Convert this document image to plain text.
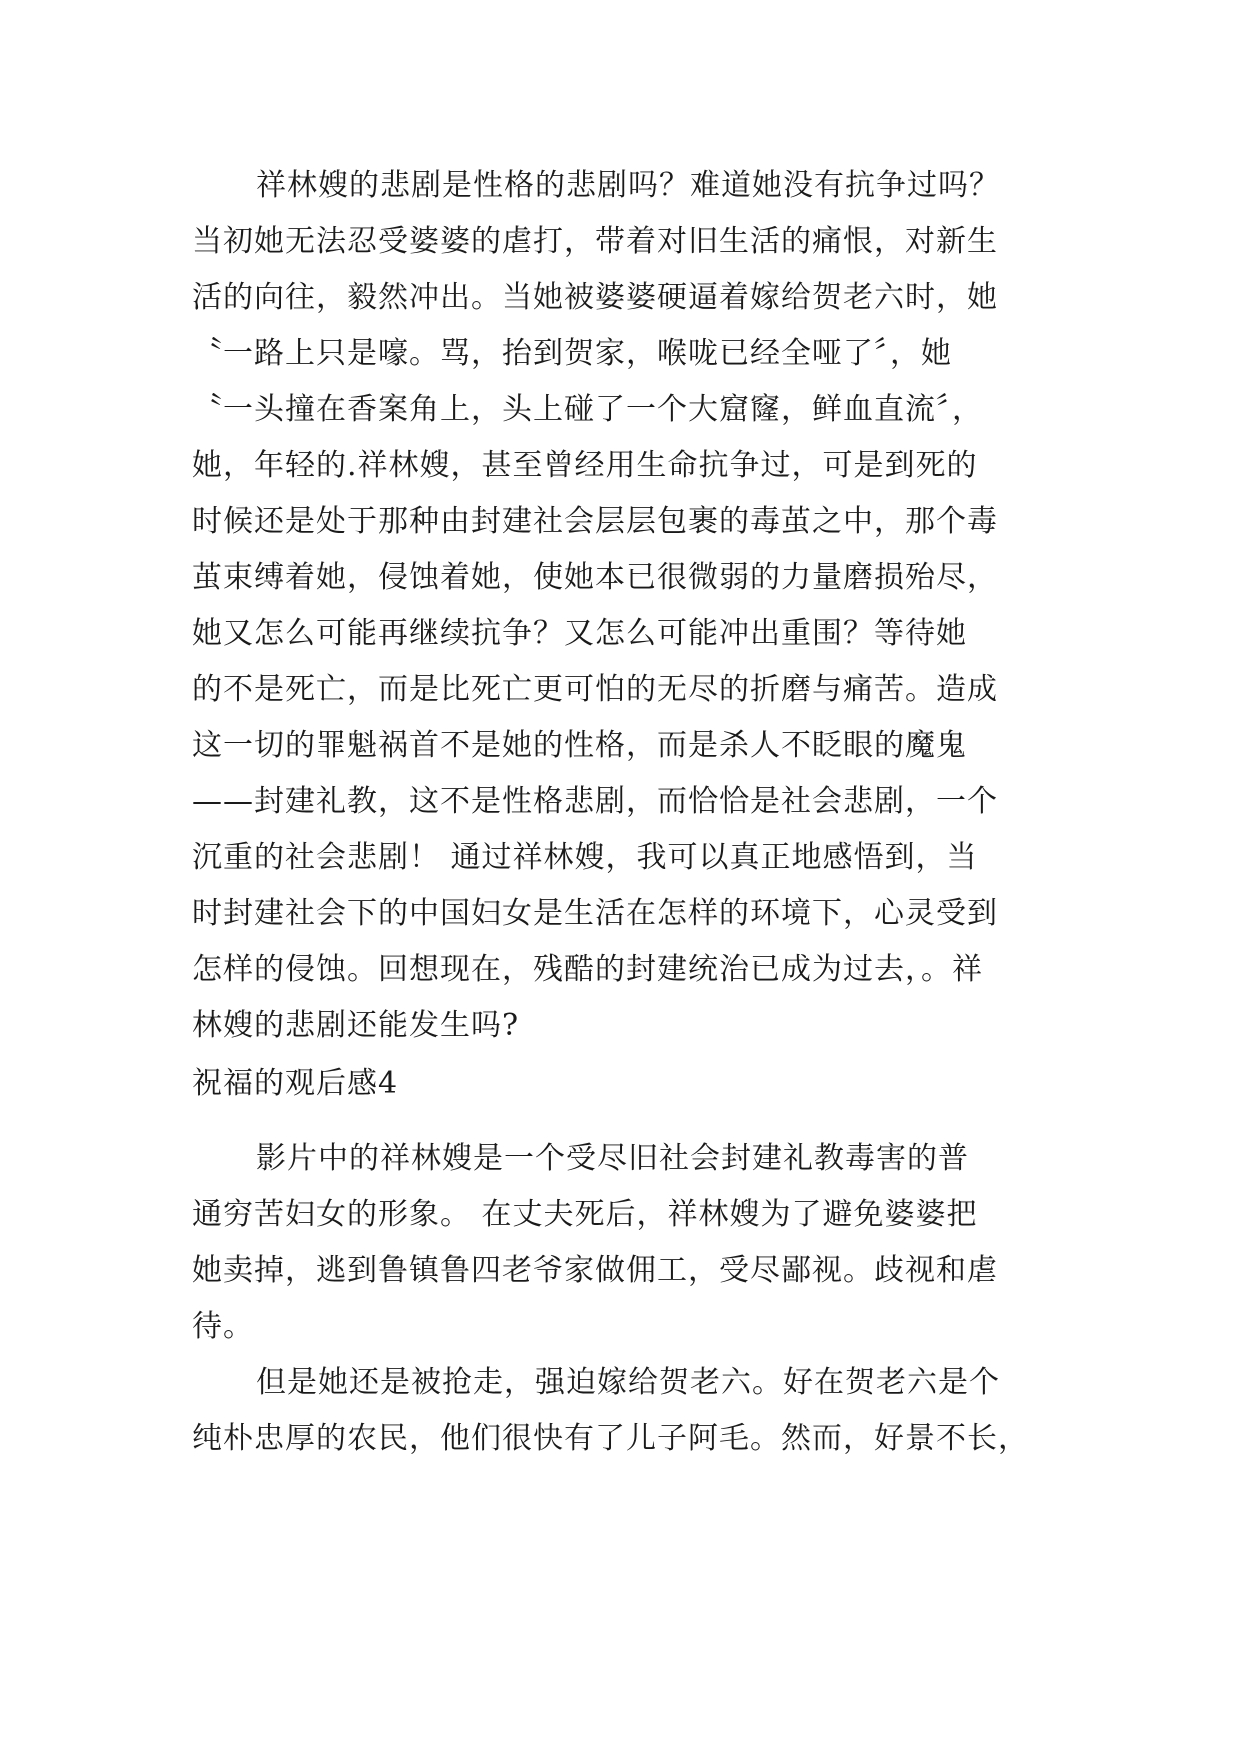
祥林嫂的悲剧是性格的悲剧吗？难道她没有抗争过吗？
当初她无法忍受婆婆的虐打，带着对旧生活的痛恨，对新生
活的向往，毅然冲出。当她被婆婆硬逼着嫁给贺老六时，她
〝一路上只是嚎。骂，抬到贺家，喉咙已经全哑了〞，她
〝一头撞在香案角上，头上碰了一个大窟窿，鲜血直流〞，
她，年轻的.祥林嫂，甚至曾经用生命抗争过，可是到死的
时候还是处于那种由封建社会层层包裹的毒茧之中，那个毒
茧束缚着她，侵蚀着她，使她本已很微弱的力量磨损殆尽，
她又怎么可能再继续抗争？又怎么可能冲出重围？等待她
的不是死亡，而是比死亡更可怕的无尽的折磨与痛苦。造成
这一切的罪魁祸首不是她的性格，而是杀人不眨眼的魔鬼
——封建礼教，这不是性格悲剧，而恰恰是社会悲剧，一个
沉重的社会悲剧！ 通过祥林嫂，我可以真正地感悟到，当
时封建社会下的中国妇女是生活在怎样的环境下，心灵受到
怎样的侵蚀。回想现在，残酷的封建统治已成为过去，。祥
林嫂的悲剧还能发生吗?
祝福的观后感4
影片中的祥林嫂是一个受尽旧社会封建礼教毒害的普
通穷苦妇女的形象。 在丈夫死后，祥林嫂为了避免婆婆把
她卖掉，逃到鲁镇鲁四老爷家做佣工，受尽鄙视。歧视和虐
待。
但是她还是被抢走，强迫嫁给贺老六。好在贺老六是个
纯朴忠厚的农民，他们很快有了儿子阿毛。然而，好景不长，
